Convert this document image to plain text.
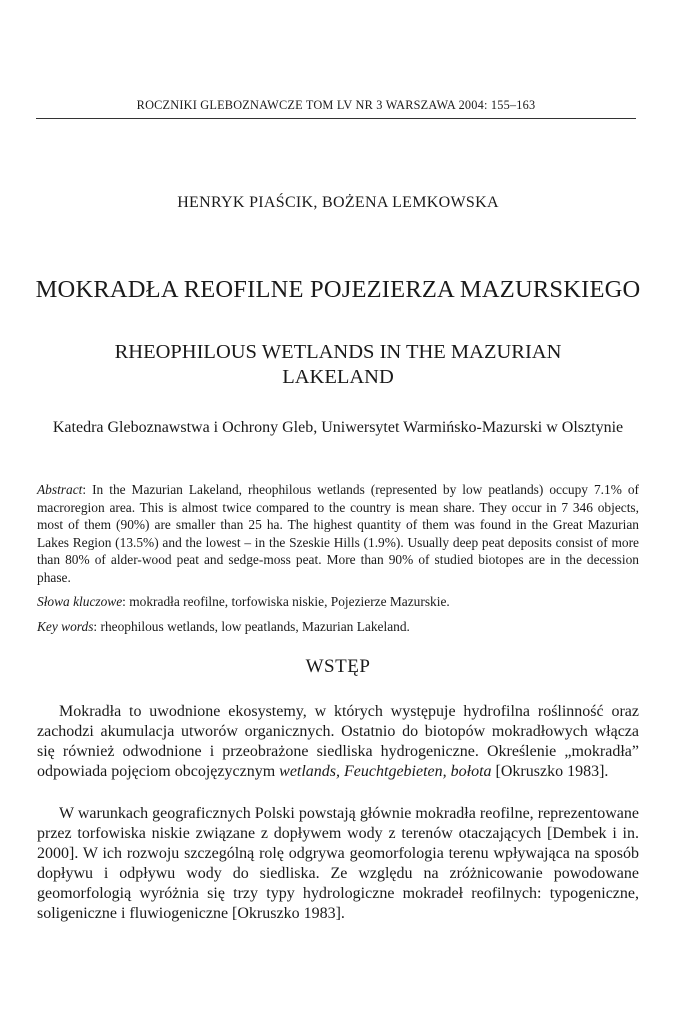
ROCZNIKI GLEBOZNAWCZE TOM LV NR 3 WARSZAWA 2004: 155–163
HENRYK PIAŚCIK, BOŻENA LEMKOWSKA
MOKRADŁA REOFILNE POJEZIERZA MAZURSKIEGO
RHEOPHILOUS WETLANDS IN THE MAZURIAN LAKELAND
Katedra Gleboznawstwa i Ochrony Gleb, Uniwersytet Warmińsko-Mazurski w Olsztynie

Abstract: In the Mazurian Lakeland, rheophilous wetlands (represented by low peatlands) occupy 7.1% of macroregion area. This is almost twice compared to the country is mean share. They occur in 7 346 objects, most of them (90%) are smaller than 25 ha. The highest quantity of them was found in the Great Mazurian Lakes Region (13.5%) and the lowest – in the Szeskie Hills (1.9%). Usually deep peat deposits consist of more than 80% of alder-wood peat and sedge-moss peat. More than 90% of studied biotopes are in the decession phase.

Słowa kluczowe: mokradła reofilne, torfowiska niskie, Pojezierze Mazurskie.

Key words: rheophilous wetlands, low peatlands, Mazurian Lakeland.

WSTĘP

Mokradła to uwodnione ekosystemy, w których występuje hydrofilna roślinność oraz zachodzi akumulacja utworów organicznych. Ostatnio do biotopów mokradłowych włącza się również odwodnione i przeobrażone siedliska hydrogeniczne. Określenie „mokradła” odpowiada pojęciom obcojęzycznym wetlands, Feuchtgebieten, bołota [Okruszko 1983].

W warunkach geograficznych Polski powstają głównie mokradła reofilne, reprezentowane przez torfowiska niskie związane z dopływem wody z terenów otaczających [Dembek i in. 2000]. W ich rozwoju szczególną rolę odgrywa geomorfologia terenu wpływająca na sposób dopływu i odpływu wody do siedliska. Ze względu na zróżnicowanie powodowane geomorfologią wyróżnia się trzy typy hydrologiczne mokradeł reofilnych: typogeniczne, soligeniczne i fluwiogeniczne [Okruszko 1983].
